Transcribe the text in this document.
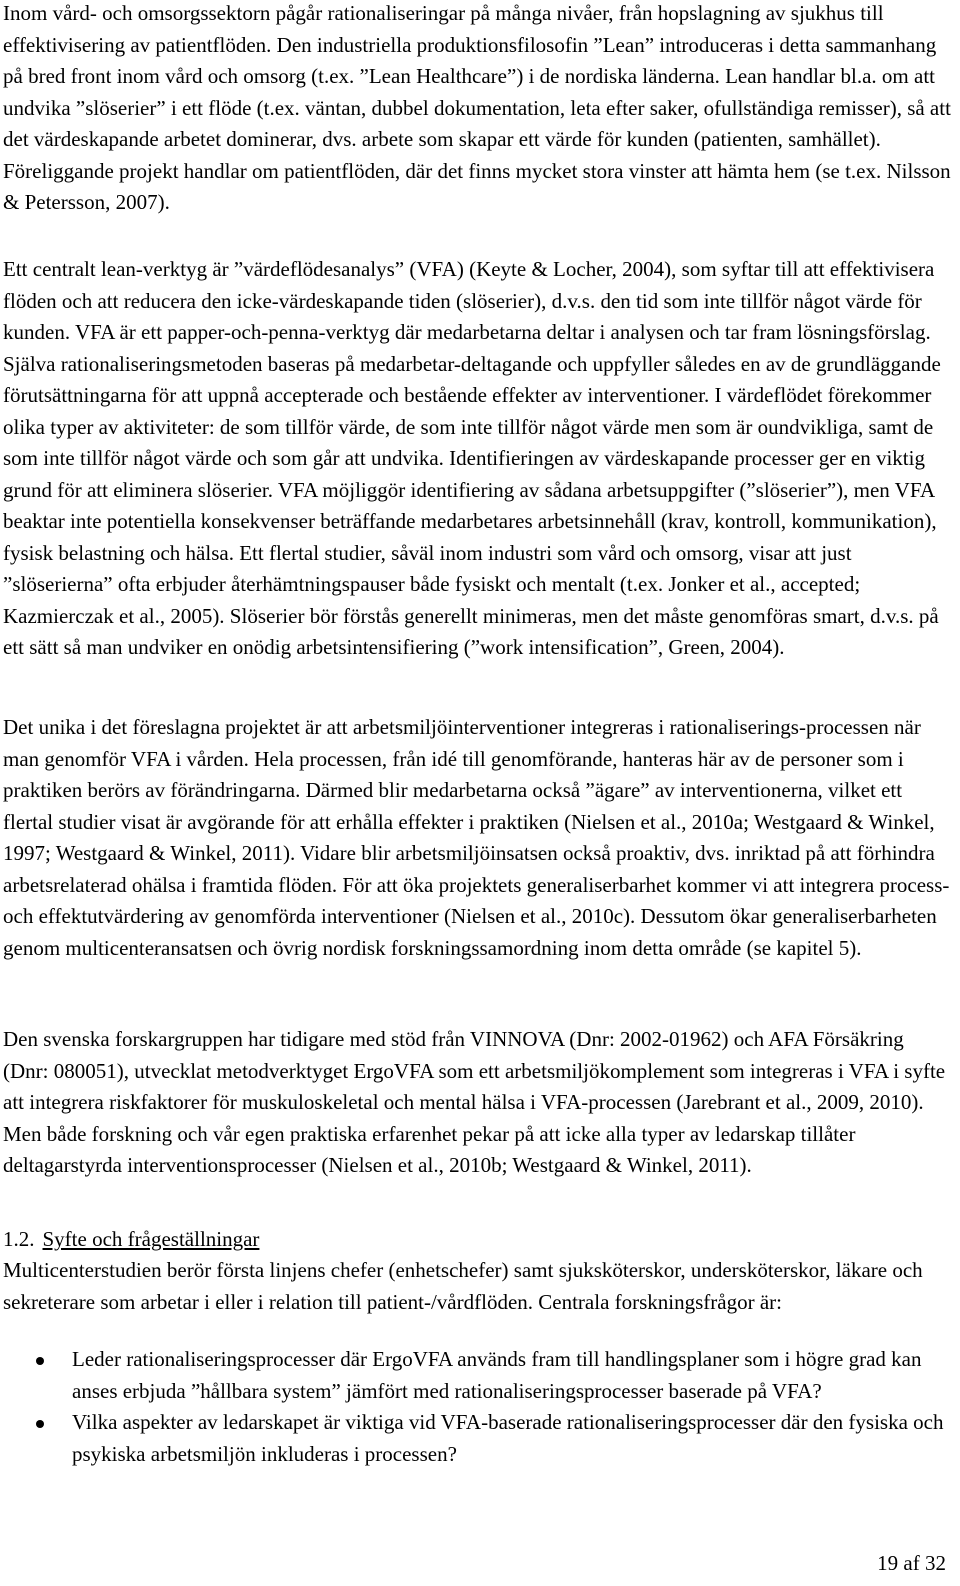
Inom vård- och omsorgssektorn pågår rationaliseringar på många nivåer, från hopslagning av sjukhus till effektivisering av patientflöden. Den industriella produktionsfilosofin ”Lean” introduceras i detta sammanhang på bred front inom vård och omsorg (t.ex. ”Lean Healthcare”) i de nordiska länderna. Lean handlar bl.a. om att undvika ”slöserier” i ett flöde (t.ex. väntan, dubbel dokumentation, leta efter saker, ofullständiga remisser), så att det värdeskapande arbetet dominerar, dvs. arbete som skapar ett värde för kunden (patienten, samhället). Föreliggande projekt handlar om patientflöden, där det finns mycket stora vinster att hämta hem (se t.ex. Nilsson & Petersson, 2007).

Ett centralt lean-verktyg är ”värdeflödesanalys” (VFA) (Keyte & Locher, 2004), som syftar till att effektivisera flöden och att reducera den icke-värdeskapande tiden (slöserier), d.v.s. den tid som inte tillför något värde för kunden. VFA är ett papper-och-penna-verktyg där medarbetarna deltar i analysen och tar fram lösningsförslag. Själva rationaliseringsmetoden baseras på medarbetar-deltagande och uppfyller således en av de grundläggande förutsättningarna för att uppnå accepterade och bestående effekter av interventioner. I värdeflödet förekommer olika typer av aktiviteter: de som tillför värde, de som inte tillför något värde men som är oundvikliga, samt de som inte tillför något värde och som går att undvika. Identifieringen av värdeskapande processer ger en viktig grund för att eliminera slöserier. VFA möjliggör identifiering av sådana arbetsuppgifter (”slöserier”), men VFA beaktar inte potentiella konsekvenser beträffande medarbetares arbetsinnehåll (krav, kontroll, kommunikation), fysisk belastning och hälsa. Ett flertal studier, såväl inom industri som vård och omsorg, visar att just ”slöserierna” ofta erbjuder återhämtningspauser både fysiskt och mentalt (t.ex. Jonker et al., accepted; Kazmierczak et al., 2005). Slöserier bör förstås generellt minimeras, men det måste genomföras smart, d.v.s. på ett sätt så man undviker en onödig arbetsintensifiering (”work intensification”, Green, 2004).

Det unika i det föreslagna projektet är att arbetsmiljöinterventioner integreras i rationaliserings-processen när man genomför VFA i vården. Hela processen, från idé till genomförande, hanteras här av de personer som i praktiken berörs av förändringarna. Därmed blir medarbetarna också ”ägare” av interventionerna, vilket ett flertal studier visat är avgörande för att erhålla effekter i praktiken (Nielsen et al., 2010a; Westgaard & Winkel, 1997; Westgaard & Winkel, 2011). Vidare blir arbetsmiljöinsatsen också proaktiv, dvs. inriktad på att förhindra arbetsrelaterad ohälsa i framtida flöden. För att öka projektets generaliserbarhet kommer vi att integrera process- och effektutvärdering av genomförda interventioner (Nielsen et al., 2010c). Dessutom ökar generaliserbarheten genom multicenteransatsen och övrig nordisk forskningssamordning inom detta område (se kapitel 5).

Den svenska forskargruppen har tidigare med stöd från VINNOVA (Dnr: 2002-01962) och AFA Försäkring (Dnr: 080051), utvecklat metodverktyget ErgoVFA som ett arbetsmiljökomplement som integreras i VFA i syfte att integrera riskfaktorer för muskuloskeletal och mental hälsa i VFA-processen (Jarebrant et al., 2009, 2010). Men både forskning och vår egen praktiska erfarenhet pekar på att icke alla typer av ledarskap tillåter deltagarstyrda interventionsprocesser (Nielsen et al., 2010b; Westgaard & Winkel, 2011).

1.2. Syfte och frågeställningar

Multicenterstudien berör första linjens chefer (enhetschefer) samt sjuksköterskor, undersköterskor, läkare och sekreterare som arbetar i eller i relation till patient-/vårdflöden. Centrala forskningsfrågor är:

Leder rationaliseringsprocesser där ErgoVFA används fram till handlingsplaner som i högre grad kan anses erbjuda ”hållbara system” jämfört med rationaliseringsprocesser baserade på VFA?
Vilka aspekter av ledarskapet är viktiga vid VFA-baserade rationaliseringsprocesser där den fysiska och psykiska arbetsmiljön inkluderas i processen?
19 af 32
